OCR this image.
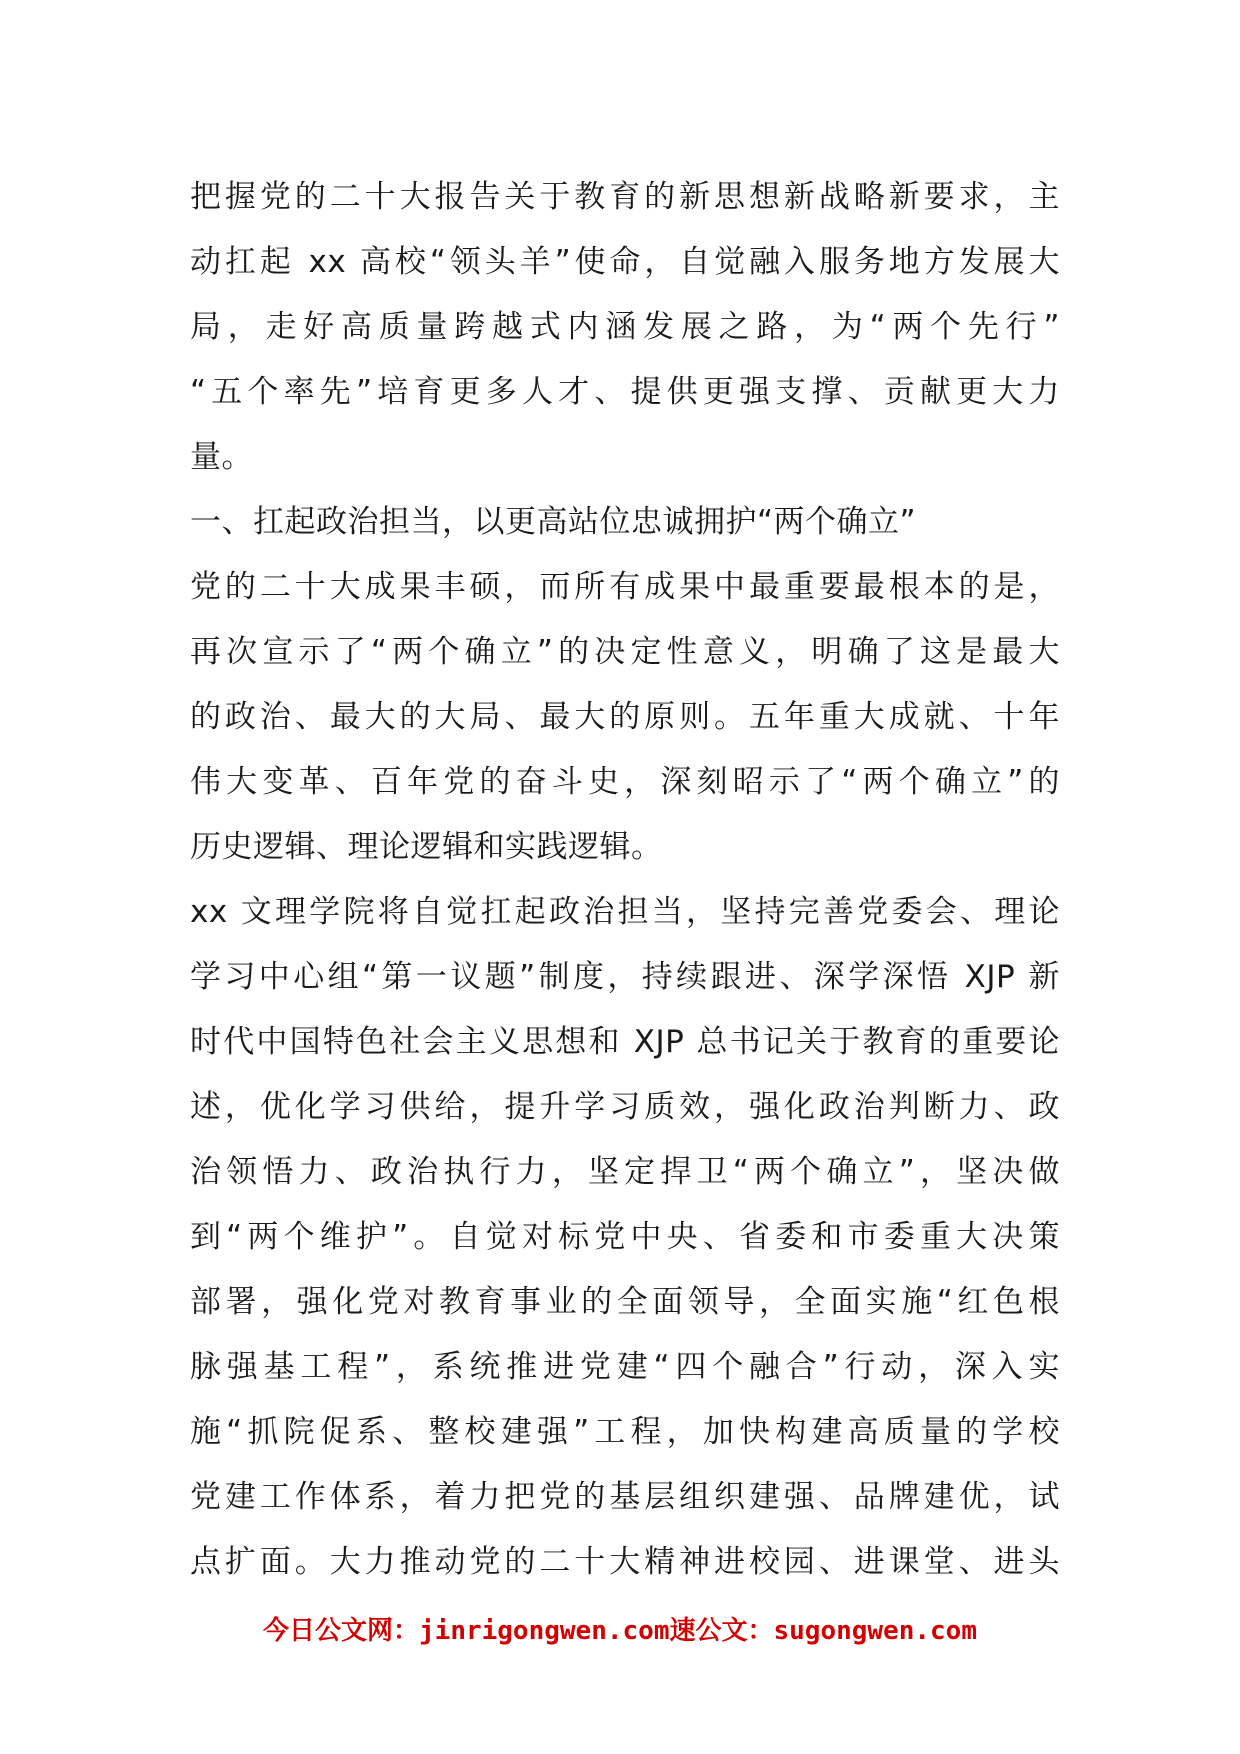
把握党的二十大报告关于教育的新思想新战略新要求，主
动扛起 xx 高校“领头羊”使命，自觉融入服务地方发展大
局，走好高质量跨越式内涵发展之路，为“两个先行”
“五个率先”培育更多人才、提供更强支撑、贡献更大力
量。
一、扛起政治担当，以更高站位忠诚拥护“两个确立”
党的二十大成果丰硕，而所有成果中最重要最根本的是，
再次宣示了“两个确立”的决定性意义，明确了这是最大
的政治、最大的大局、最大的原则。五年重大成就、十年
伟大变革、百年党的奋斗史，深刻昭示了“两个确立”的
历史逻辑、理论逻辑和实践逻辑。
xx 文理学院将自觉扛起政治担当，坚持完善党委会、理论
学习中心组“第一议题”制度，持续跟进、深学深悟 XJP 新
时代中国特色社会主义思想和 XJP 总书记关于教育的重要论
述，优化学习供给，提升学习质效，强化政治判断力、政
治领悟力、政治执行力，坚定捍卫“两个确立”，坚决做
到“两个维护”。自觉对标党中央、省委和市委重大决策
部署，强化党对教育事业的全面领导，全面实施“红色根
脉强基工程”，系统推进党建“四个融合”行动，深入实
施“抓院促系、整校建强”工程，加快构建高质量的学校
党建工作体系，着力把党的基层组织建强、品牌建优，试
点扩面。大力推动党的二十大精神进校园、进课堂、进头
今日公文网：jinrigongwen.com速公文：sugongwen.com
